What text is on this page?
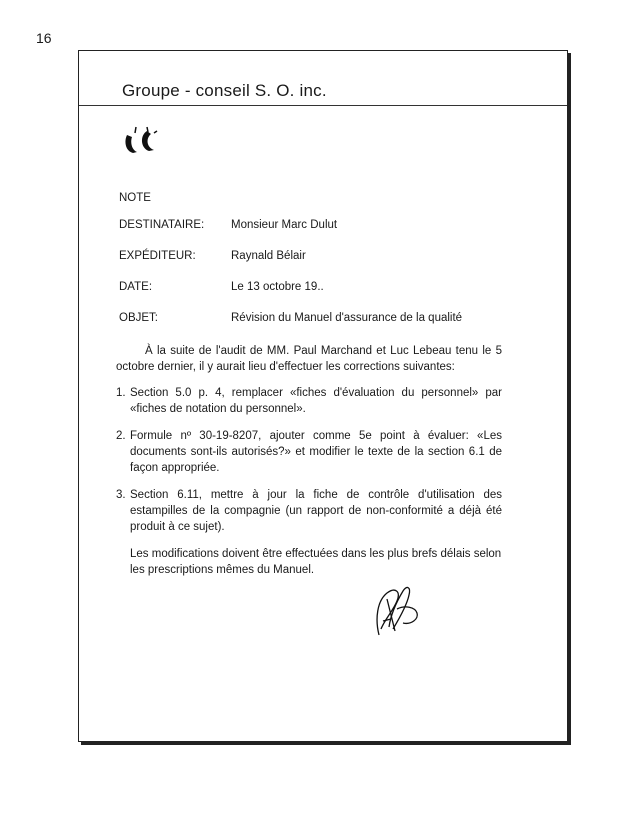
16
Groupe - conseil S. O. inc.
NOTE
DESTINATAIRE: Monsieur Marc Dulut
EXPÉDITEUR:	Raynald Bélair
DATE:	Le 13 octobre 19..
OBJET:	Révision du Manuel d'assurance de la qualité

À la suite de l'audit de MM. Paul Marchand et Luc Lebeau tenu le 5 octobre dernier, il y aurait lieu d'effectuer les corrections suivantes:

1. Section 5.0 p. 4, remplacer «fiches d'évaluation du personnel» par «fiches de notation du personnel».
2. Formule nº 30-19-8207, ajouter comme 5e point à évaluer: «Les documents sont-ils autorisés?» et modifier le texte de la section 6.1 de façon appropriée.
3. Section 6.11, mettre à jour la fiche de contrôle d'utilisation des estampilles de la compagnie (un rapport de non-conformité a déjà été produit à ce sujet).

Les modifications doivent être effectuées dans les plus brefs délais selon les prescriptions mêmes du Manuel.
